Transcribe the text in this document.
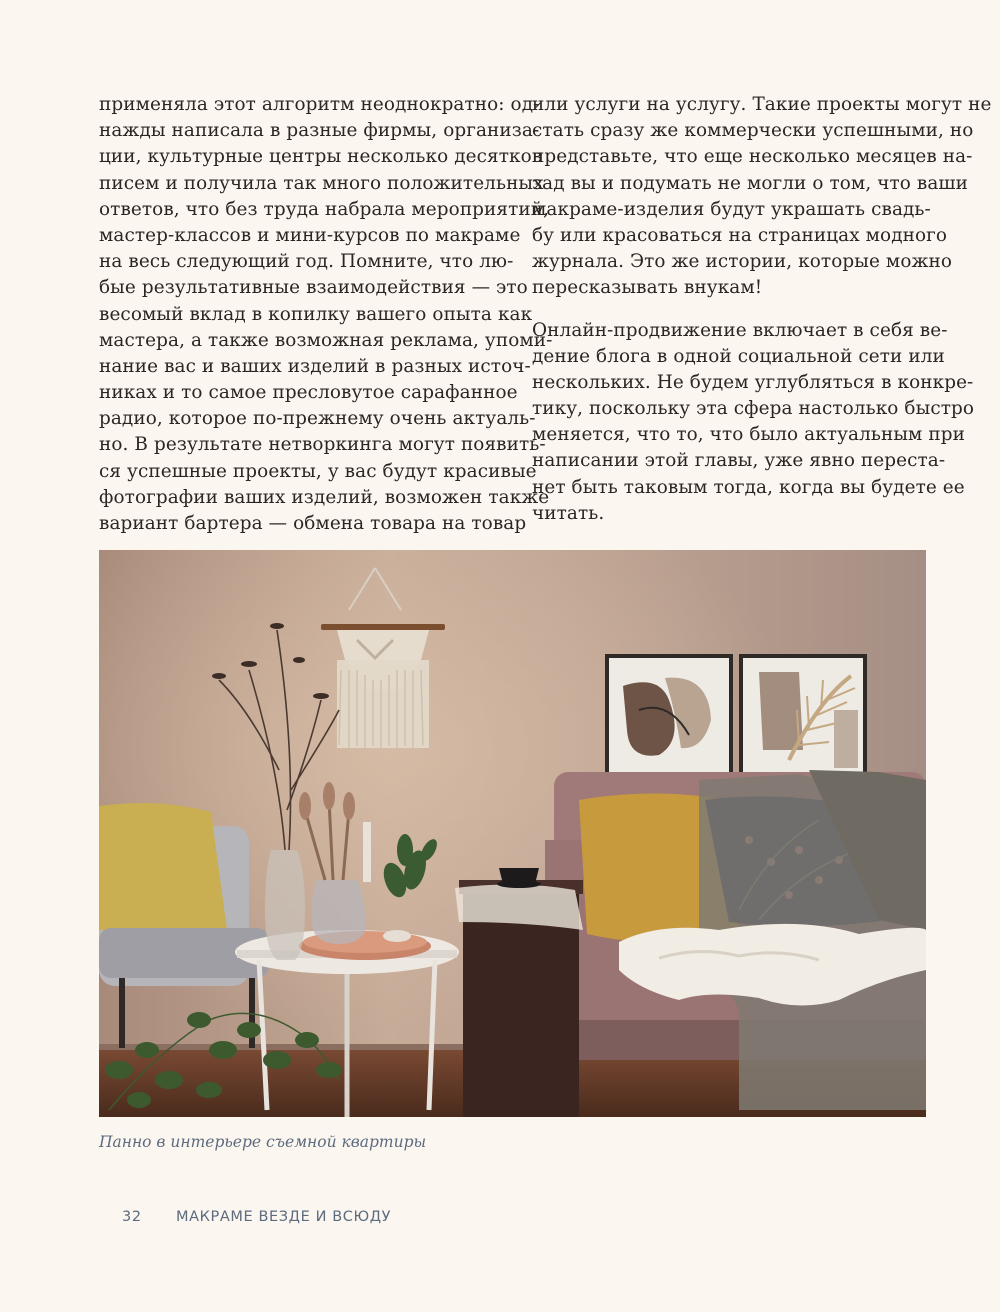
применяла этот алгоритм неоднократно: од-
нажды написала в разные фирмы, организа-
ции, культурные центры несколько десятков
писем и получила так много положительных
ответов, что без труда набрала мероприятий,
мастер-классов и мини-курсов по макраме
на весь следующий год. Помните, что лю-
бые результативные взаимодействия — это
весомый вклад в копилку вашего опыта как
мастера, а также возможная реклама, упоми-
нание вас и ваших изделий в разных источ-
никах и то самое пресловутое сарафанное
радио, которое по-прежнему очень актуаль-
но. В результате нетворкинга могут появить-
ся успешные проекты, у вас будут красивые
фотографии ваших изделий, возможен также
вариант бартера — обмена товара на товар
или услуги на услугу. Такие проекты могут не
стать сразу же коммерчески успешными, но
представьте, что еще несколько месяцев на-
зад вы и подумать не могли о том, что ваши
макраме-изделия будут украшать свадь-
бу или красоваться на страницах модного
журнала. Это же истории, которые можно
пересказывать внукам!
Онлайн-продвижение включает в себя ве-
дение блога в одной социальной сети или
нескольких. Не будем углубляться в конкре-
тику, поскольку эта сфера настолько быстро
меняется, что то, что было актуальным при
написании этой главы, уже явно перестa-
нет быть таковым тогда, когда вы будете ее
читать.
Панно в интерьере съемной квартиры
32 МАКРАМЕ ВЕЗДЕ И ВСЮДУ
